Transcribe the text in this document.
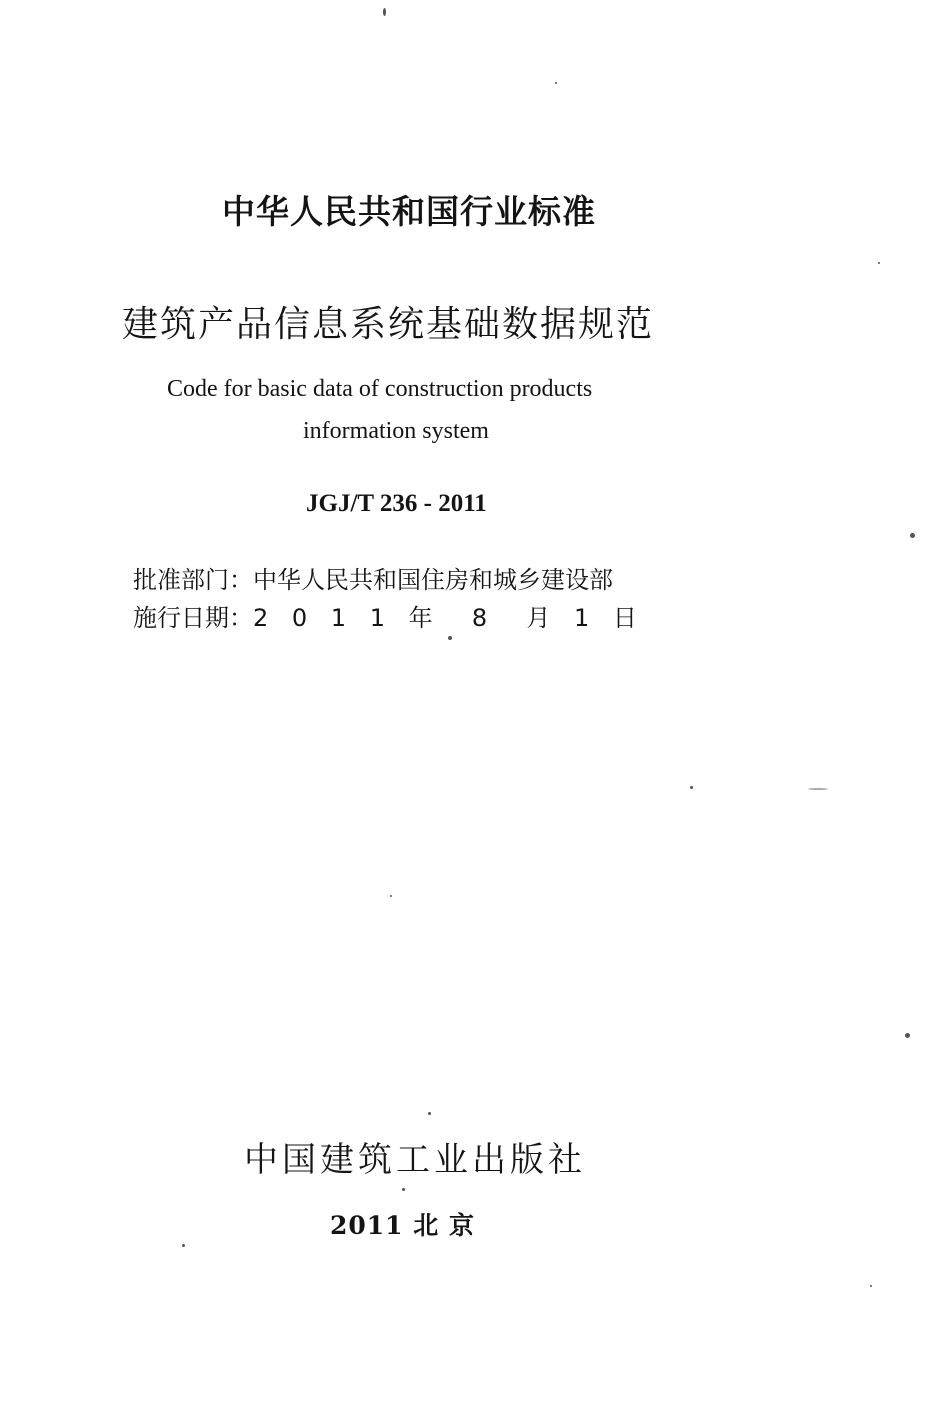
中华人民共和国行业标准
建筑产品信息系统基础数据规范
Code for basic data of construction products
information system
JGJ/T 236 - 2011
批准部门：中华人民共和国住房和城乡建设部
施行日期：2 0 1 1 年  8  月 1 日
中国建筑工业出版社
2011 北 京
